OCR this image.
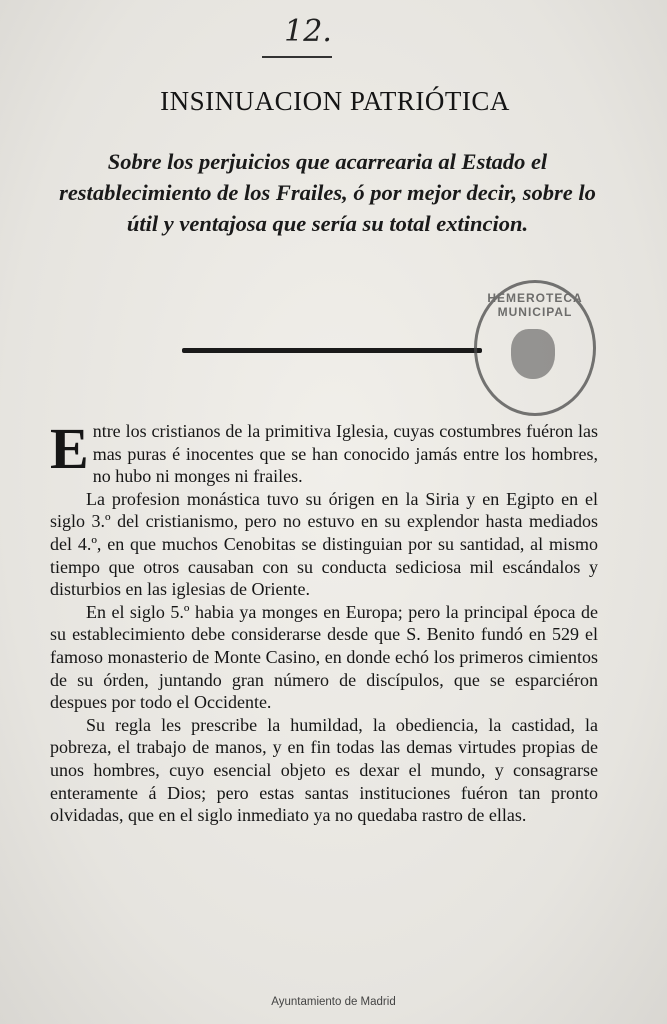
12.
INSINUACION PATRIÓTICA
Sobre los perjuicios que acarrearia al Estado el restablecimiento de los Frailes, ó por mejor decir, sobre lo útil y ventajosa que sería su total extincion.
HEMEROTECA MUNICIPAL

Entre los cristianos de la primitiva Iglesia, cuyas costumbres fuéron las mas puras é inocentes que se han conocido jamás entre los hombres, no hubo ni monges ni frailes.

La profesion monástica tuvo su órigen en la Siria y en Egipto en el siglo 3.º del cristianismo, pero no estuvo en su explendor hasta mediados del 4.º, en que muchos Cenobitas se distinguian por su santidad, al mismo tiempo que otros causaban con su conducta sediciosa mil escándalos y disturbios en las iglesias de Oriente.

En el siglo 5.º habia ya monges en Europa; pero la principal época de su establecimiento debe considerarse desde que S. Benito fundó en 529 el famoso monasterio de Monte Casino, en donde echó los primeros cimientos de su órden, juntando gran número de discípulos, que se esparciéron despues por todo el Occidente.

Su regla les prescribe la humildad, la obediencia, la castidad, la pobreza, el trabajo de manos, y en fin todas las demas virtudes propias de unos hombres, cuyo esencial objeto es dexar el mundo, y consagrarse enteramente á Dios; pero estas santas instituciones fuéron tan pronto olvidadas, que en el siglo inmediato ya no quedaba rastro de ellas.

Ayuntamiento de Madrid
